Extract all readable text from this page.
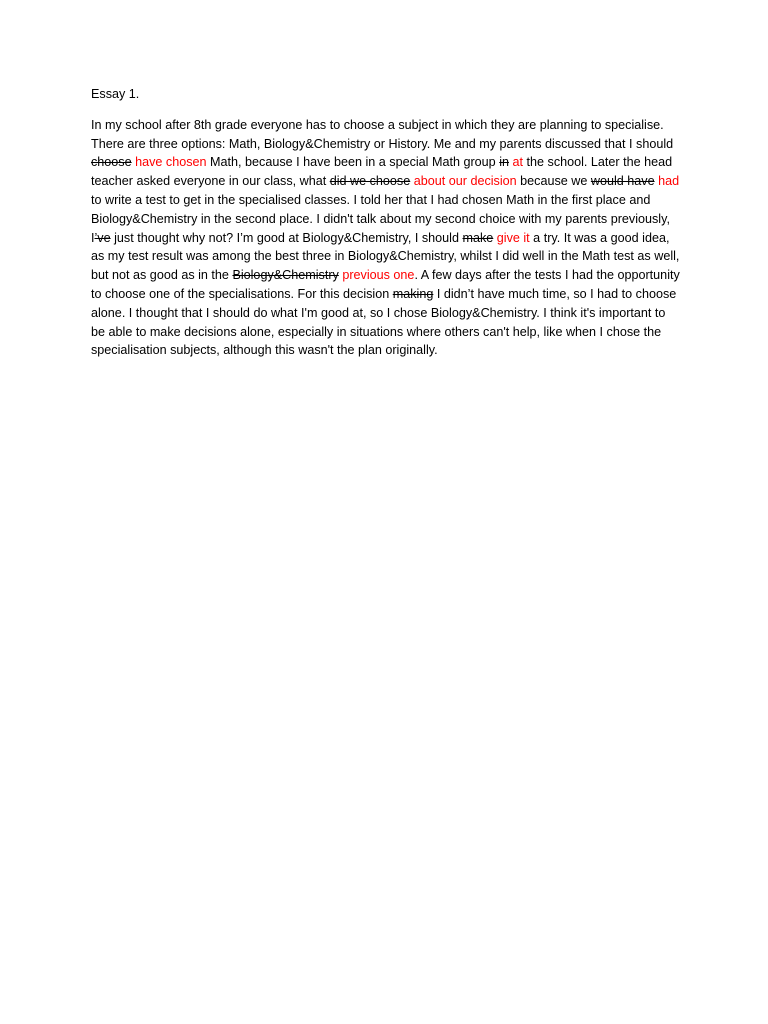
Essay 1.

In my school after 8th grade everyone has to choose a subject in which they are planning to specialise. There are three options: Math, Biology&Chemistry or History. Me and my parents discussed that I should choose have chosen Math, because I have been in a special Math group in at the school. Later the head teacher asked everyone in our class, what did we choose about our decision because we would have had to write a test to get in the specialised classes. I told her that I had chosen Math in the first place and Biology&Chemistry in the second place. I didn't talk about my second choice with my parents previously, I’ve just thought why not? I’m good at Biology&Chemistry, I should make give it a try. It was a good idea, as my test result was among the best three in Biology&Chemistry, whilst I did well in the Math test as well, but not as good as in the Biology&Chemistry previous one. A few days after the tests I had the opportunity to choose one of the specialisations. For this decision making I didn’t have much time, so I had to choose alone. I thought that I should do what I'm good at, so I chose Biology&Chemistry. I think it's important to be able to make decisions alone, especially in situations where others can't help, like when I chose the specialisation subjects, although this wasn't the plan originally.
